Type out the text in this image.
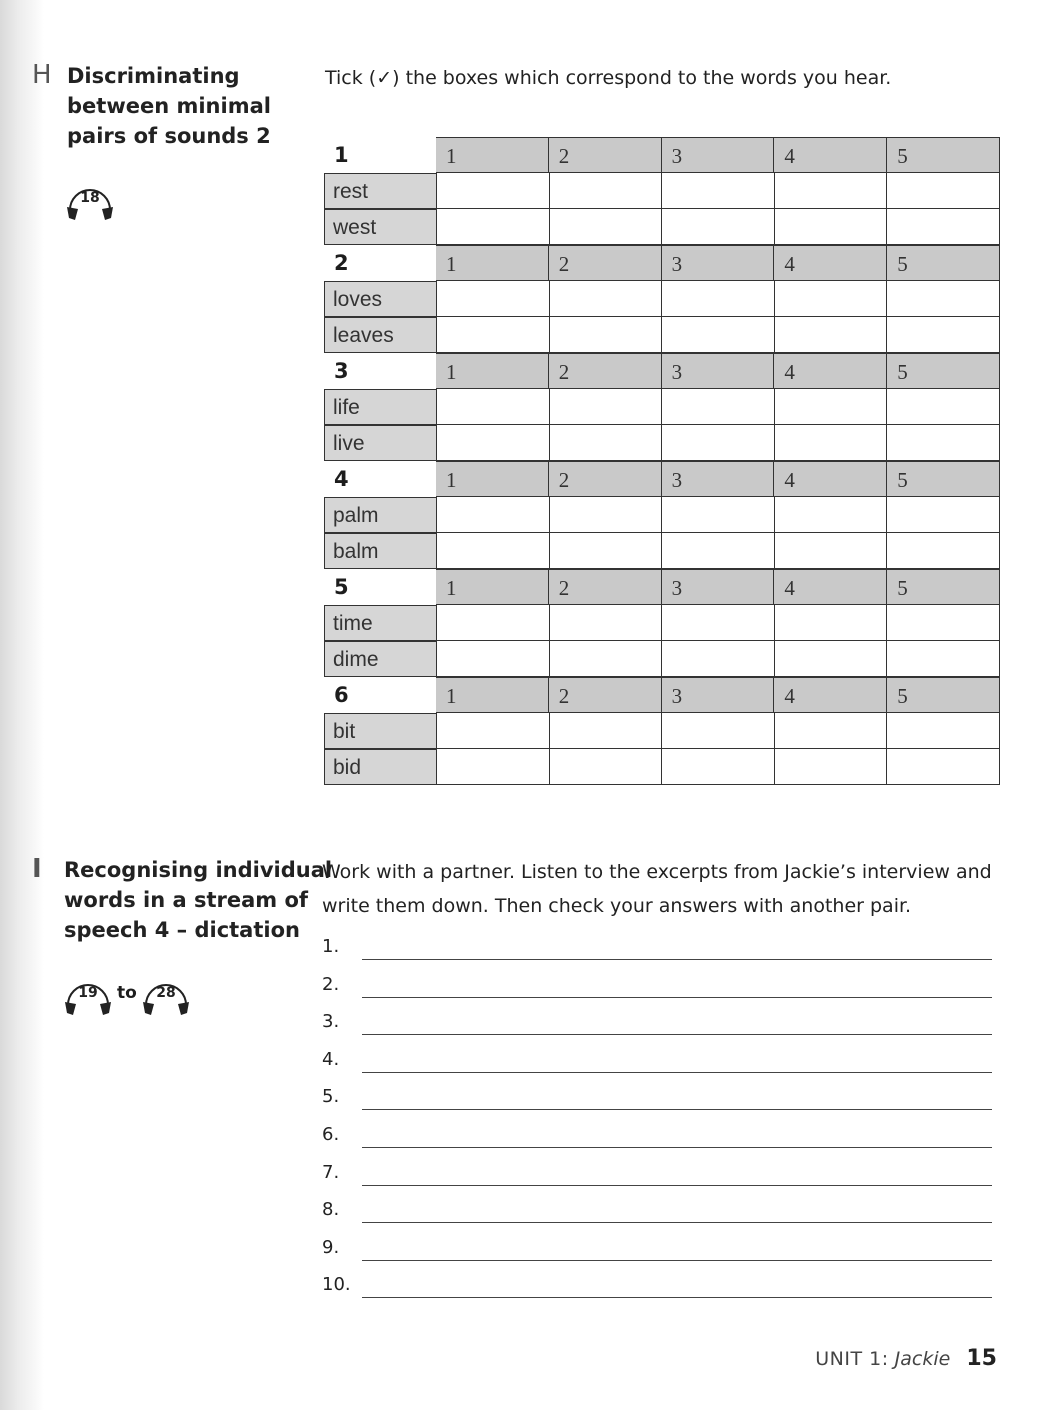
H Discriminating
between minimal
pairs of sounds 2
18
Tick (✓) the boxes which correspond to the words you hear.
1	1	2	3	4	5
rest
west
2	1	2	3	4	5
loves
leaves
3	1	2	3	4	5
life
live
4	1	2	3	4	5
palm
balm
5	1	2	3	4	5
time
dime
6	1	2	3	4	5
bit
bid
I Recognising individual
words in a stream of
speech 4 – dictation
19 to 28
Work with a partner. Listen to the excerpts from Jackie’s interview and
write them down. Then check your answers with another pair.
1.
2.
3.
4.
5.
6.
7.
8.
9.
10.
UNIT 1: Jackie 15
